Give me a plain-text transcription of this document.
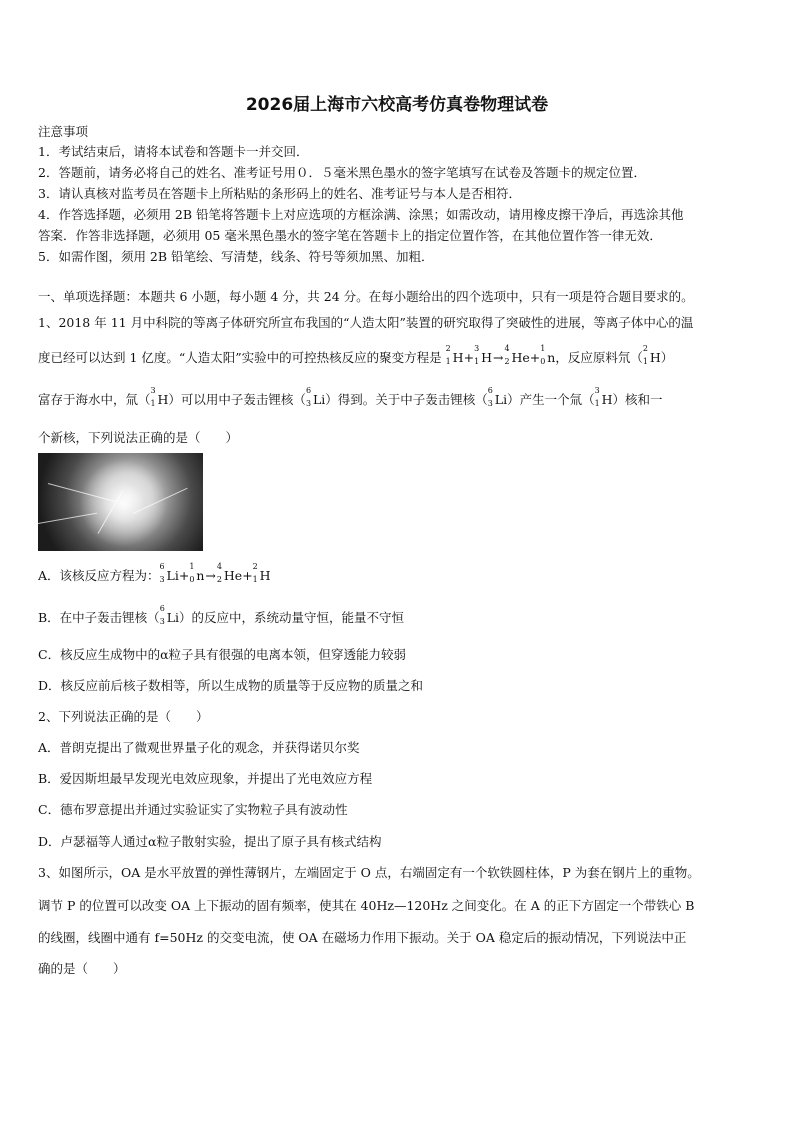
2026届上海市六校高考仿真卷物理试卷
注意事项
1．考试结束后，请将本试卷和答题卡一并交回．
2．答题前，请务必将自己的姓名、准考证号用０．５毫米黑色墨水的签字笔填写在试卷及答题卡的规定位置．
3．请认真核对监考员在答题卡上所粘贴的条形码上的姓名、准考证号与本人是否相符．
4．作答选择题，必须用 2B 铅笔将答题卡上对应选项的方框涂满、涂黑；如需改动，请用橡皮擦干净后，再选涂其他
答案．作答非选择题，必须用 05 毫米黑色墨水的签字笔在答题卡上的指定位置作答，在其他位置作答一律无效．
5．如需作图，须用 2B 铅笔绘、写清楚，线条、符号等须加黑、加粗．
一、单项选择题：本题共 6 小题，每小题 4 分，共 24 分。在每小题给出的四个选项中，只有一项是符合题目要求的。
1、2018 年 11 月中科院的等离子体研究所宣布我国的“人造太阳”装置的研究取得了突破性的进展，等离子体中心的温
度已经可以达到 1 亿度。“人造太阳”实验中的可控热核反应的聚变方程是
2
1 H+
3
1 H→
4
2 He+
1
0 n，反应原料氘（
2
1 H）
富存于海水中，氚（
3
1 H）可以用中子轰击锂核（
6
3 Li）得到。关于中子轰击锂核（
6
3 Li）产生一个氚（
3
1 H）核和一
个新核，下列说法正确的是（　　）
A．该核反应方程为：
6
3 Li+
1
0 n→
4
2 He+
2
1 H
B．在中子轰击锂核（
6
3 Li）的反应中，系统动量守恒，能量不守恒
C．核反应生成物中的α粒子具有很强的电离本领，但穿透能力较弱
D．核反应前后核子数相等，所以生成物的质量等于反应物的质量之和
2、下列说法正确的是（　　）
A．普朗克提出了微观世界量子化的观念，并获得诺贝尔奖
B．爱因斯坦最早发现光电效应现象，并提出了光电效应方程
C．德布罗意提出并通过实验证实了实物粒子具有波动性
D．卢瑟福等人通过α粒子散射实验，提出了原子具有核式结构
3、如图所示，OA 是水平放置的弹性薄钢片，左端固定于 O 点，右端固定有一个软铁圆柱体，P 为套在钢片上的重物。
调节 P 的位置可以改变 OA 上下振动的固有频率，使其在 40Hz—120Hz 之间变化。在 A 的正下方固定一个带铁心 B
的线圈，线圈中通有 f=50Hz 的交变电流，使 OA 在磁场力作用下振动。关于 OA 稳定后的振动情况，下列说法中正
确的是（　　）
